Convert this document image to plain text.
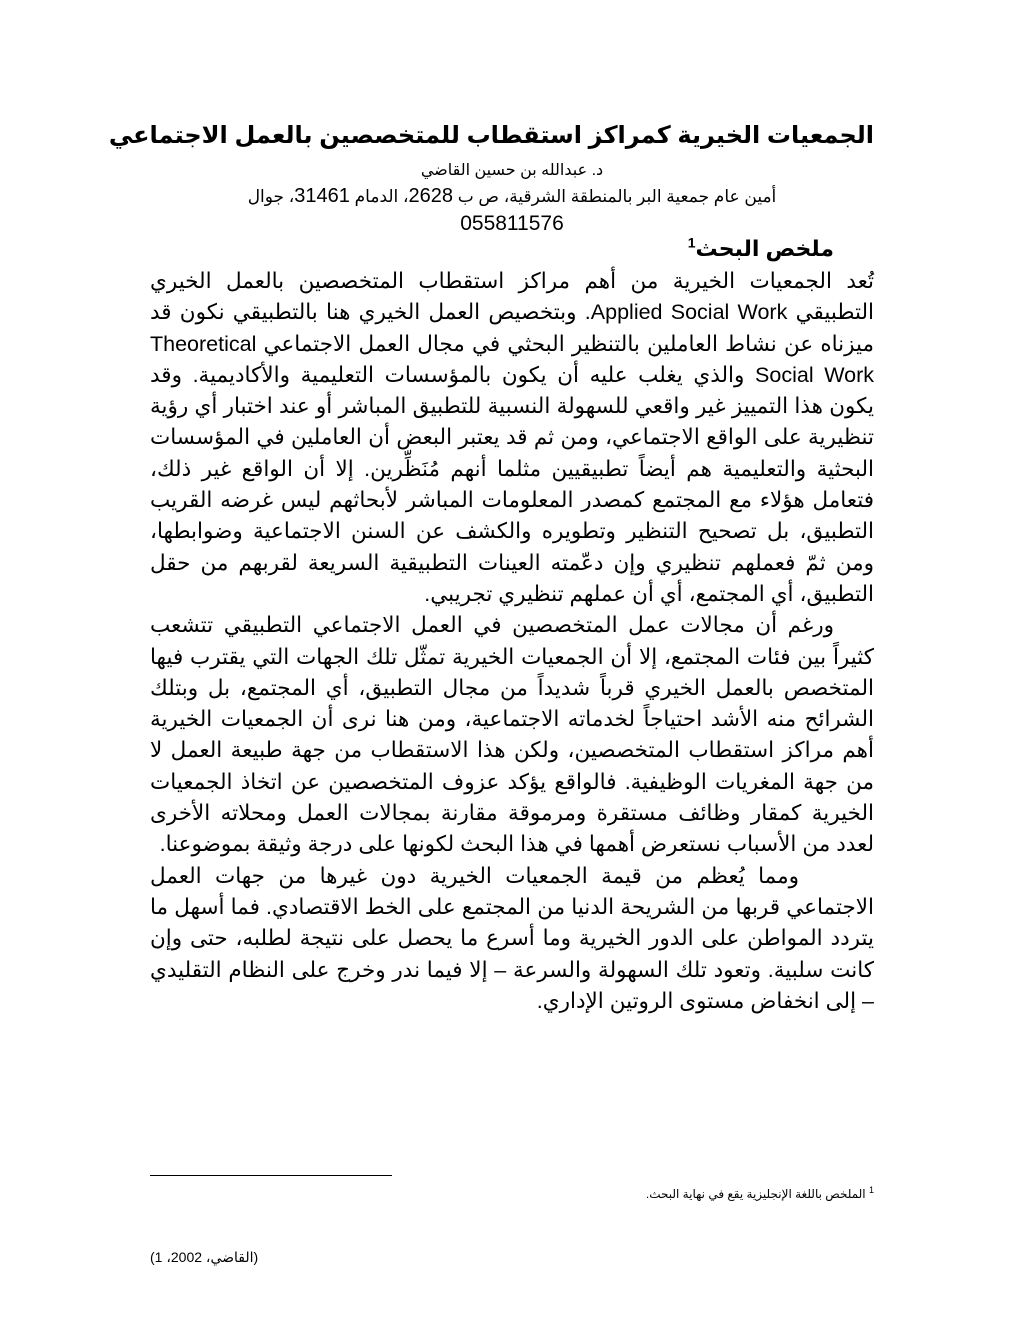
الجمعيات الخيرية كمراكز استقطاب للمتخصصين بالعمل الاجتماعي
د. عبدالله بن حسين القاضي
أمين عام جمعية البر بالمنطقة الشرقية، ص ب 2628، الدمام 31461، جوال
055811576
ملخص البحث$^1$

تُعد الجمعيات الخيرية من أهم مراكز استقطاب المتخصصين بالعمل الخيري التطبيقي Applied Social Work. وبتخصيص العمل الخيري هنا بالتطبيقي نكون قد ميزناه عن نشاط العاملين بالتنظير البحثي في مجال العمل الاجتماعي Theoretical Social Work والذي يغلب عليه أن يكون بالمؤسسات التعليمية والأكاديمية. وقد يكون هذا التمييز غير واقعي للسهولة النسبية للتطبيق المباشر أو عند اختبار أي رؤية تنظيرية على الواقع الاجتماعي، ومن ثم قد يعتبر البعض أن العاملين في المؤسسات البحثية والتعليمية هم أيضاً تطبيقيين مثلما أنهم مُنَظِّرين. إلا أن الواقع غير ذلك، فتعامل هؤلاء مع المجتمع كمصدر المعلومات المباشر لأبحاثهم ليس غرضه القريب التطبيق، بل تصحيح التنظير وتطويره والكشف عن السنن الاجتماعية وضوابطها، ومن ثمّ فعملهم تنظيري وإن دعّمته العينات التطبيقية السريعة لقربهم من حقل التطبيق، أي المجتمع، أي أن عملهم تنظيري تجريبي.

ورغم أن مجالات عمل المتخصصين في العمل الاجتماعي التطبيقي تتشعب كثيراً بين فئات المجتمع، إلا أن الجمعيات الخيرية تمثّل تلك الجهات التي يقترب فيها المتخصص بالعمل الخيري قرباً شديداً من مجال التطبيق، أي المجتمع، بل وبتلك الشرائح منه الأشد احتياجاً لخدماته الاجتماعية، ومن هنا نرى أن الجمعيات الخيرية أهم مراكز استقطاب المتخصصين، ولكن هذا الاستقطاب من جهة طبيعة العمل لا من جهة المغريات الوظيفية. فالواقع يؤكد عزوف المتخصصين عن اتخاذ الجمعيات الخيرية كمقار وظائف مستقرة ومرموقة مقارنة بمجالات العمل ومحلاته الأخرى لعدد من الأسباب نستعرض أهمها في هذا البحث لكونها على درجة وثيقة بموضوعنا.

ومما يُعظم من قيمة الجمعيات الخيرية دون غيرها من جهات العمل الاجتماعي قربها من الشريحة الدنيا من المجتمع على الخط الاقتصادي. فما أسهل ما يتردد المواطن على الدور الخيرية وما أسرع ما يحصل على نتيجة لطلبه، حتى وإن كانت سلبية. وتعود تلك السهولة والسرعة – إلا فيما ندر وخرج على النظام التقليدي – إلى انخفاض مستوى الروتين الإداري.

$^1$ الملخص باللغة الإنجليزية يقع في نهاية البحث.
(القاضي، 2002، 1)
